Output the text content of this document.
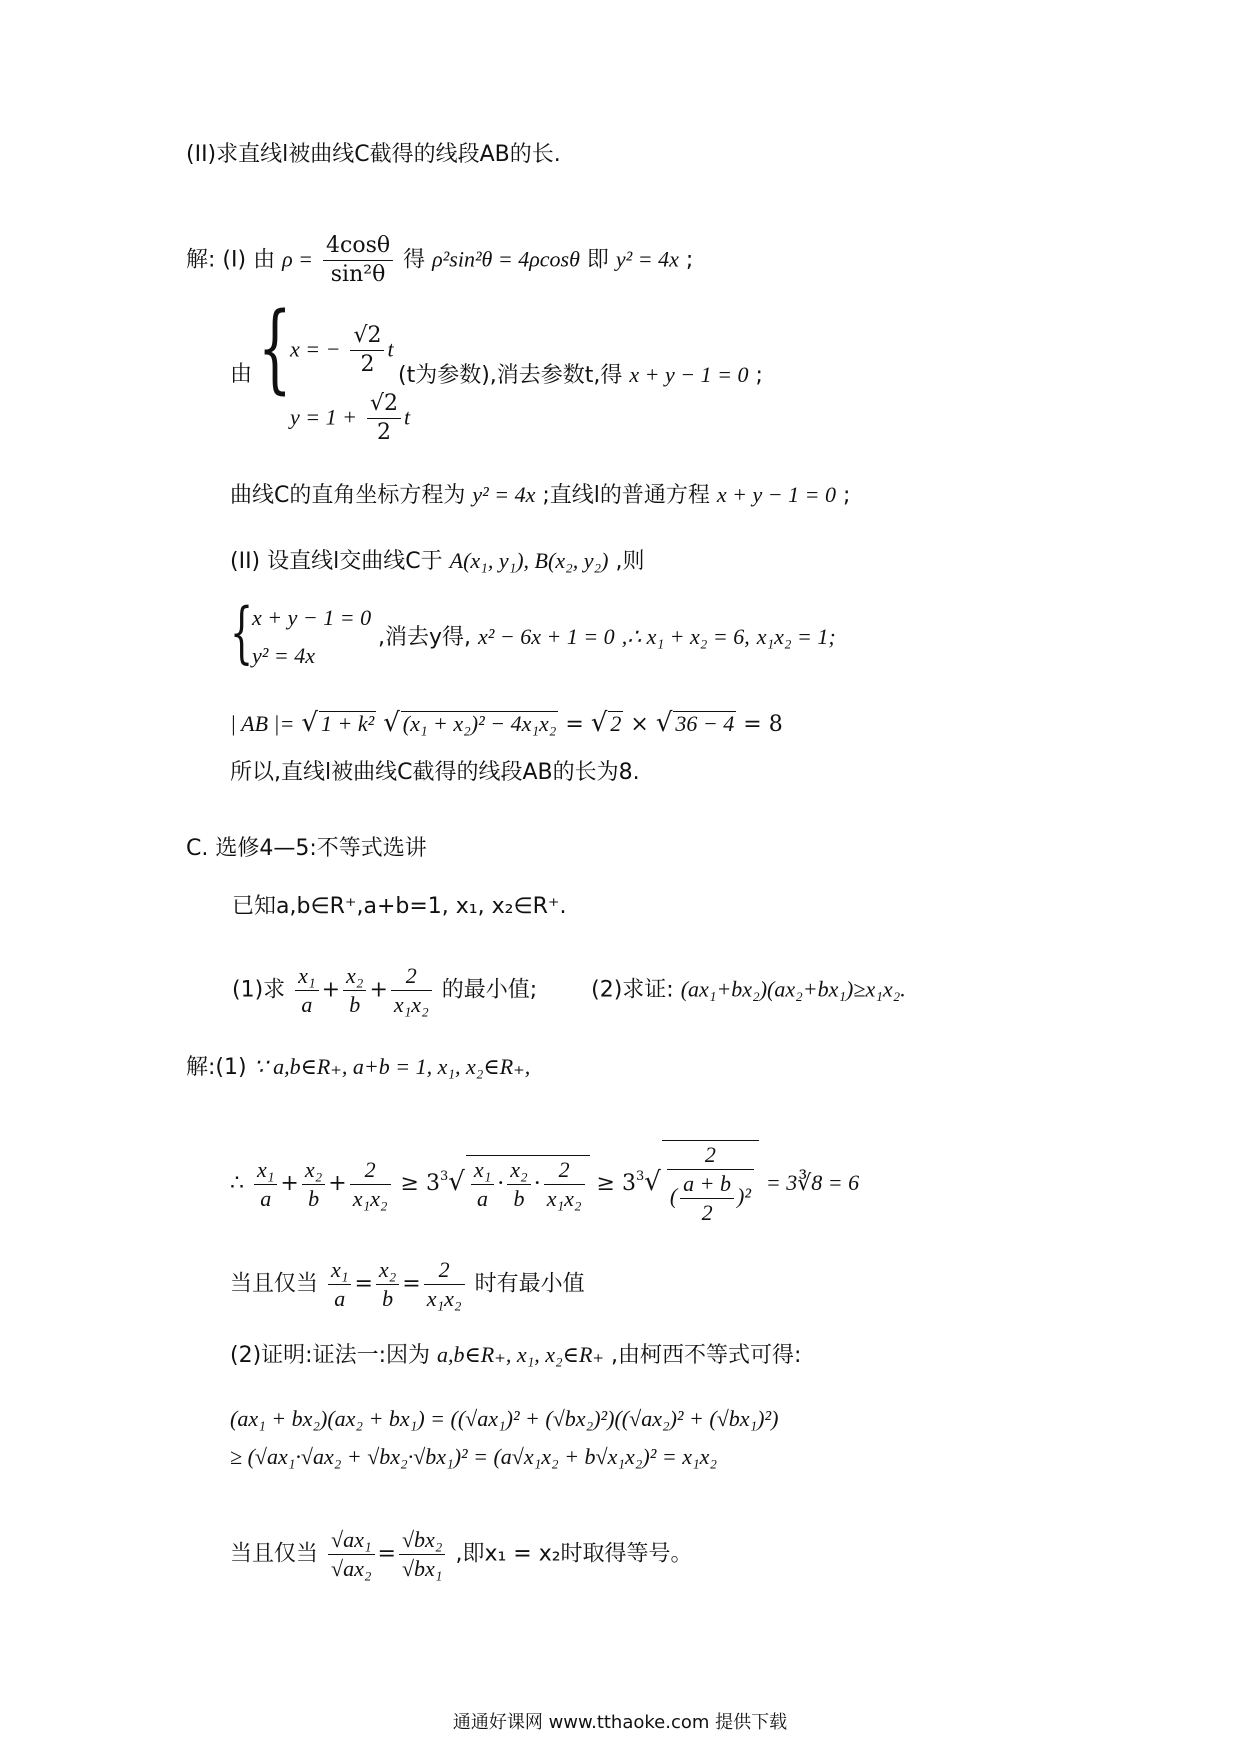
(II)求直线l被曲线C截得的线段AB的长.
解: (I) 由 $\rho = \frac{4\cos\theta}{\text{sin²θ}}$ 得 ρ²sin²θ = 4ρcosθ 即 y² = 4x ;
由 {
x = − $\frac{√2}{2}$ t
$y = 1 + \frac{√2}{2}$ t
(t为参数),消去参数t,得 x + y − 1 = 0 ;
曲线C的直角坐标方程为 y² = 4x ;直线l的普通方程 x + y − 1 = 0 ;
(II) 设直线l交曲线C于 A(x₁, y₁), B(x₂, y₂) ,则
{
x + y − 1 = 0
y² = 4x
,消去y得, x² − 6x + 1 = 0 ,∴ x₁ + x₂ = 6, x₁x₂ = 1;
| AB |= √ 1 + k² √ (x₁ + x₂)² − 4x₁x₂ = √ 2 × √ 36 − 4 = 8
所以,直线l被曲线C截得的线段AB的长为8.
C. 选修4—5:不等式选讲
已知a,b∈R⁺,a+b=1, x₁, x₂∈R⁺.
(1)求 $\frac{\text{x₁}}{a} + \frac{\text{x₂}}{b} + \frac{2}{\text{x₁x₂}}$ 的最小值; (2)求证: (ax₁+bx₂)(ax₂+bx₁)≥x₁x₂.
解:(1) ∵ a,b∈R₊, a+b = 1, x₁, x₂∈R₊,
∴ $\frac{\text{x₁}}{a} + \frac{\text{x₂}}{b} + \frac{2}{\text{x₁x₂}} \ge 3^3√ \frac{\text{x₁}}{a} \cdot \frac{\text{x₂}}{b} \cdot \frac{2}{\text{x₁x₂}} \ge 3^3√ \frac{2}{( \frac{a + b}{2} )^2}$ = 3∛8 = 6
当且仅当 $\frac{\text{x₁}}{a} = \frac{\text{x₂}}{b} = \frac{2}{\text{x₁x₂}}$ 时有最小值
(2)证明:证法一:因为 a,b∈R₊, x₁, x₂∈R₊ ,由柯西不等式可得:
(ax₁ + bx₂)(ax₂ + bx₁) = ((√ax₁)² + (√bx₂)²)((√ax₂)² + (√bx₁)²)
≥ (√ax₁·√ax₂ + √bx₂·√bx₁)² = (a√x₁x₂ + b√x₁x₂)² = x₁x₂
当且仅当 $\frac{\text{√ax₁}}{\text{√ax₂}} = \frac{\text{√bx₂}}{\text{√bx₁}}$ ,即x₁ = x₂时取得等号。
通通好课网 www.tthaoke.com 提供下载
